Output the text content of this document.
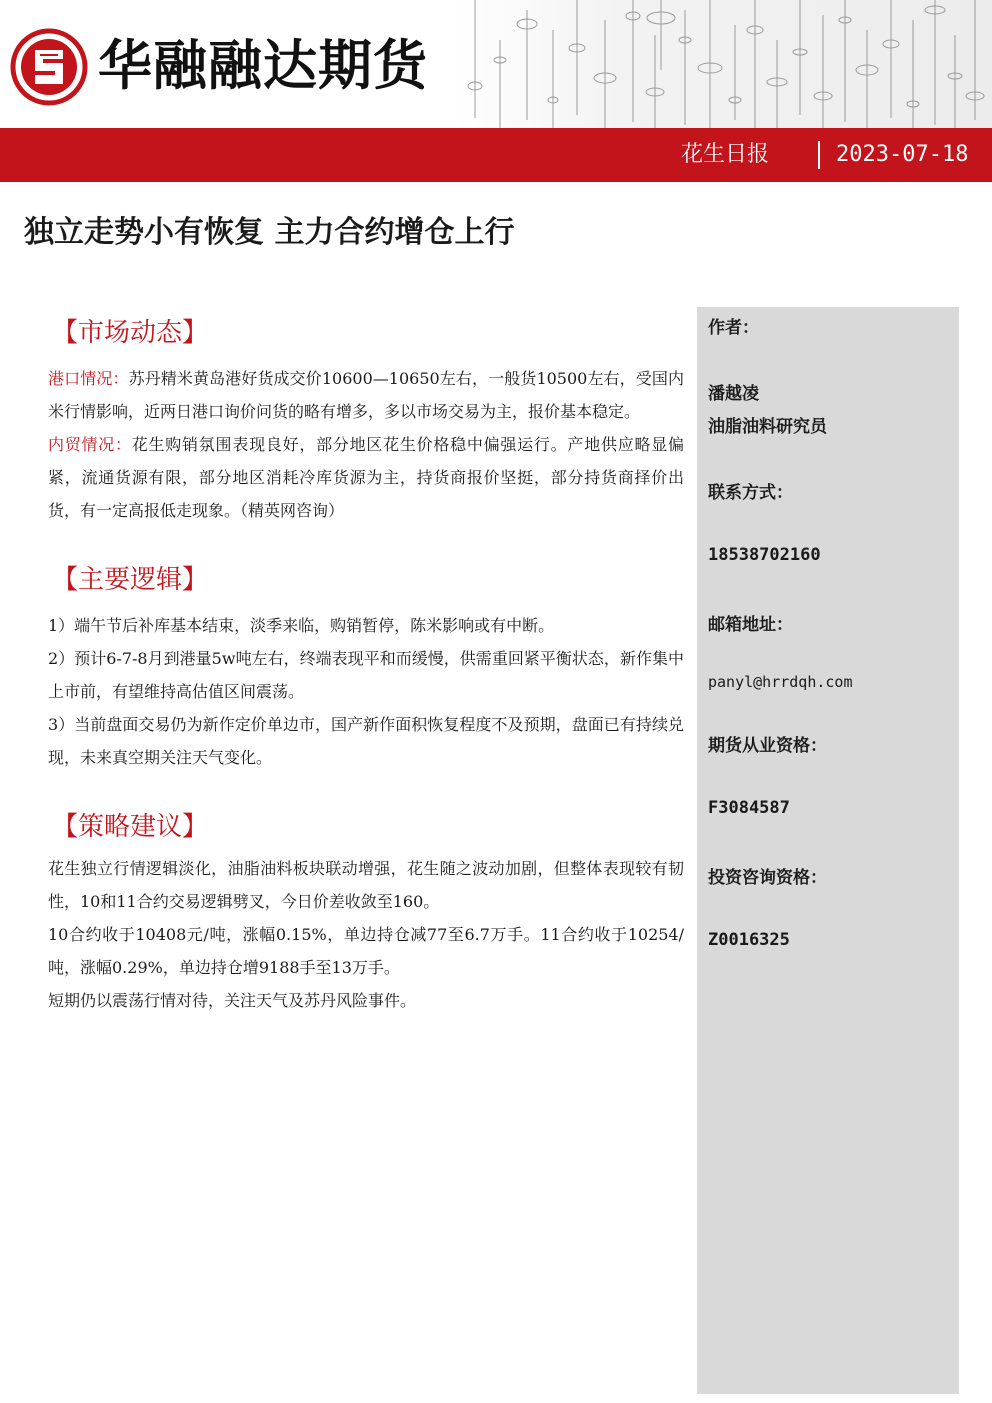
华融融达期货
花生日报	2023-07-18
独立走势小有恢复 主力合约增仓上行
【市场动态】

港口情况：苏丹精米黄岛港好货成交价10600—10650左右，一般货10500左右，受国内米行情影响，近两日港口询价问货的略有增多，多以市场交易为主，报价基本稳定。

内贸情况：花生购销氛围表现良好，部分地区花生价格稳中偏强运行。产地供应略显偏紧，流通货源有限，部分地区消耗冷库货源为主，持货商报价坚挺，部分持货商择价出货，有一定高报低走现象。（精英网咨询）

【主要逻辑】

1）端午节后补库基本结束，淡季来临，购销暂停，陈米影响或有中断。

2）预计6-7-8月到港量5w吨左右，终端表现平和而缓慢，供需重回紧平衡状态，新作集中上市前，有望维持高估值区间震荡。

3）当前盘面交易仍为新作定价单边市，国产新作面积恢复程度不及预期，盘面已有持续兑现，未来真空期关注天气变化。

【策略建议】

花生独立行情逻辑淡化，油脂油料板块联动增强，花生随之波动加剧，但整体表现较有韧性，10和11合约交易逻辑劈叉，今日价差收敛至160。

10合约收于10408元/吨，涨幅0.15%，单边持仓减77至6.7万手。11合约收于10254/吨，涨幅0.29%，单边持仓增9188手至13万手。

短期仍以震荡行情对待，关注天气及苏丹风险事件。

作者：
潘越凌
油脂油料研究员
联系方式：
18538702160
邮箱地址：
panyl@hrrdqh.com
期货从业资格：
F3084587
投资咨询资格：
Z0016325
